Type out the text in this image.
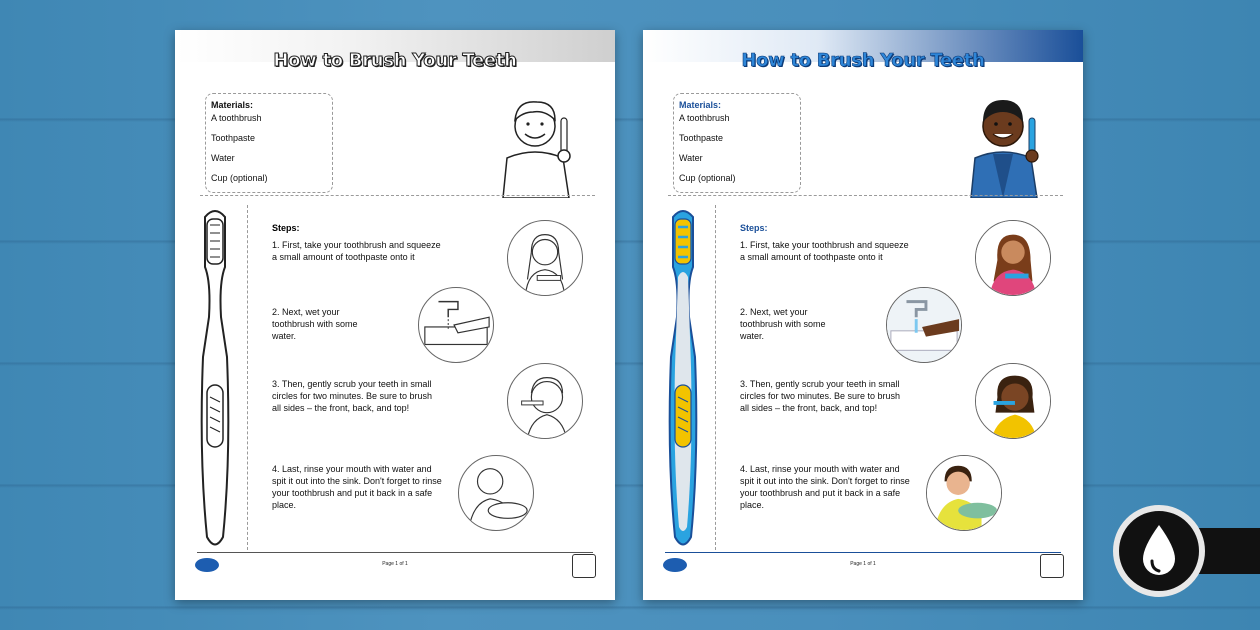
How to Brush Your Teeth
Materials:
A toothbrush
Toothpaste
Water
Cup (optional)
Steps:
1. First, take your toothbrush and squeeze a small amount of toothpaste onto it
2. Next, wet your toothbrush with some water.
3. Then, gently scrub your teeth in small circles for two minutes. Be sure to brush all sides – the front, back, and top!
4. Last, rinse your mouth with water and spit it out into the sink. Don't forget to rinse your toothbrush and put it back in a safe place.
Page 1 of 1
How to Brush Your Teeth
Materials:
A toothbrush
Toothpaste
Water
Cup (optional)
Steps:
1. First, take your toothbrush and squeeze a small amount of toothpaste onto it
2. Next, wet your toothbrush with some water.
3. Then, gently scrub your teeth in small circles for two minutes. Be sure to brush all sides – the front, back, and top!
4. Last, rinse your mouth with water and spit it out into the sink. Don't forget to rinse your toothbrush and put it back in a safe place.
Page 1 of 1
